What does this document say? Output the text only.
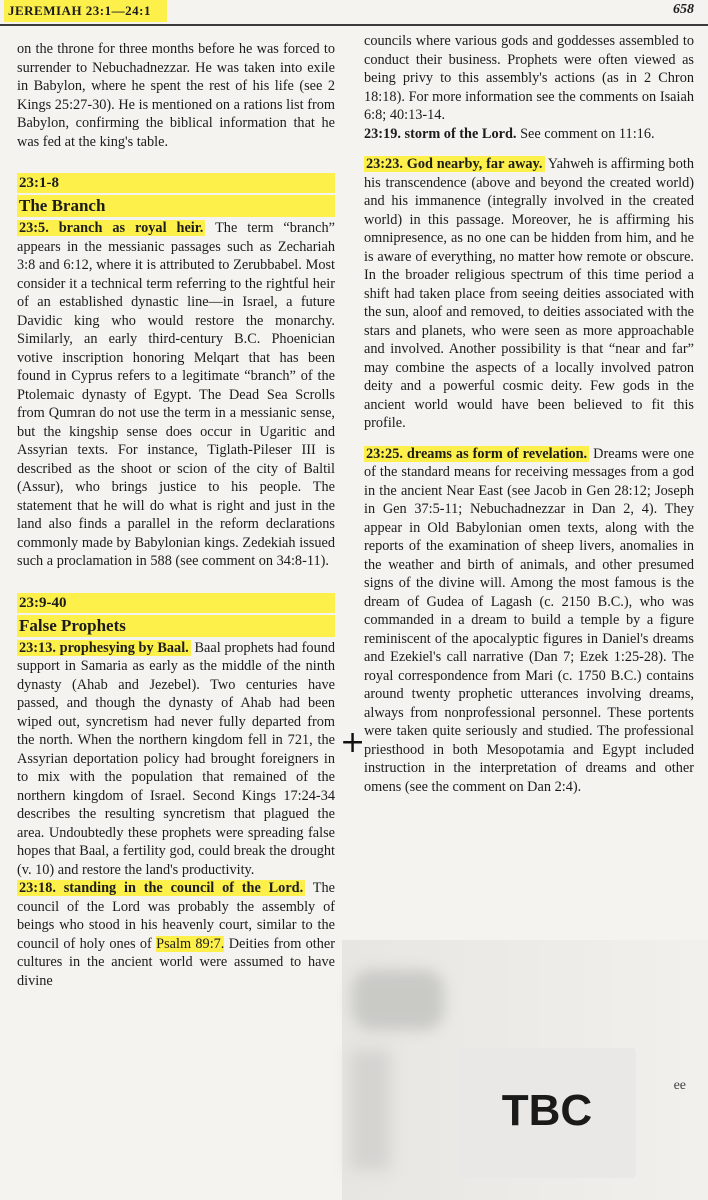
JEREMIAH 23:1—24:1	658

on the throne for three months before he was forced to surrender to Nebuchadnezzar. He was taken into exile in Babylon, where he spent the rest of his life (see 2 Kings 25:27-30). He is mentioned on a rations list from Babylon, confirming the biblical information that he was fed at the king's table.

23:1-8
The Branch

23:5. branch as royal heir. The term “branch” appears in the messianic passages such as Zechariah 3:8 and 6:12, where it is attributed to Zerubbabel. Most consider it a technical term referring to the rightful heir of an established dynastic line—in Israel, a future Davidic king who would restore the monarchy. Similarly, an early third-century B.C. Phoenician votive inscription honoring Melqart that has been found in Cyprus refers to a legitimate “branch” of the Ptolemaic dynasty of Egypt. The Dead Sea Scrolls from Qumran do not use the term in a messianic sense, but the kingship sense does occur in Ugaritic and Assyrian texts. For instance, Tiglath-Pileser III is described as the shoot or scion of the city of Baltil (Assur), who brings justice to his people. The statement that he will do what is right and just in the land also finds a parallel in the reform declarations commonly made by Babylonian kings. Zedekiah issued such a proclamation in 588 (see comment on 34:8-11).

23:9-40
False Prophets

23:13. prophesying by Baal. Baal prophets had found support in Samaria as early as the middle of the ninth dynasty (Ahab and Jezebel). Two centuries have passed, and though the dynasty of Ahab had been wiped out, syncretism had never fully departed from the north. When the northern kingdom fell in 721, the Assyrian deportation policy had brought foreigners in to mix with the population that remained of the northern kingdom of Israel. Second Kings 17:24-34 describes the resulting syncretism that plagued the area. Undoubtedly these prophets were spreading false hopes that Baal, a fertility god, could break the drought (v. 10) and restore the land's productivity.

23:18. standing in the council of the Lord. The council of the Lord was probably the assembly of beings who stood in his heavenly court, similar to the council of holy ones of Psalm 89:7. Deities from other cultures in the ancient world were assumed to have divine

councils where various gods and goddesses assembled to conduct their business. Prophets were often viewed as being privy to this assembly's actions (as in 2 Chron 18:18). For more information see the comments on Isaiah 6:8; 40:13-14.

23:19. storm of the Lord. See comment on 11:16.

23:23. God nearby, far away. Yahweh is affirming both his transcendence (above and beyond the created world) and his immanence (integrally involved in the created world) in this passage. Moreover, he is affirming his omnipresence, as no one can be hidden from him, and he is aware of everything, no matter how remote or obscure. In the broader religious spectrum of this time period a shift had taken place from seeing deities associated with the sun, aloof and removed, to deities associated with the stars and planets, who were seen as more approachable and involved. Another possibility is that “near and far” may combine the aspects of a locally involved patron deity and a powerful cosmic deity. Few gods in the ancient world would have been believed to fit this profile.

23:25. dreams as form of revelation. Dreams were one of the standard means for receiving messages from a god in the ancient Near East (see Jacob in Gen 28:12; Joseph in Gen 37:5-11; Nebuchadnezzar in Dan 2, 4). They appear in Old Babylonian omen texts, along with the reports of the examination of sheep livers, anomalies in the weather and birth of animals, and other presumed signs of the divine will. Among the most famous is the dream of Gudea of Lagash (c. 2150 B.C.), who was commanded in a dream to build a temple by a figure reminiscent of the apocalyptic figures in Daniel's dreams and Ezekiel's call narrative (Dan 7; Ezek 1:25-28). The royal correspondence from Mari (c. 1750 B.C.) contains around twenty prophetic utterances involving dreams, always from nonprofessional personnel. These portents were taken quite seriously and studied. The professional priesthood in both Mesopotamia and Egypt included instruction in the interpretation of dreams and other omens (see the comment on Dan 2:4).

+
ee
TBC
